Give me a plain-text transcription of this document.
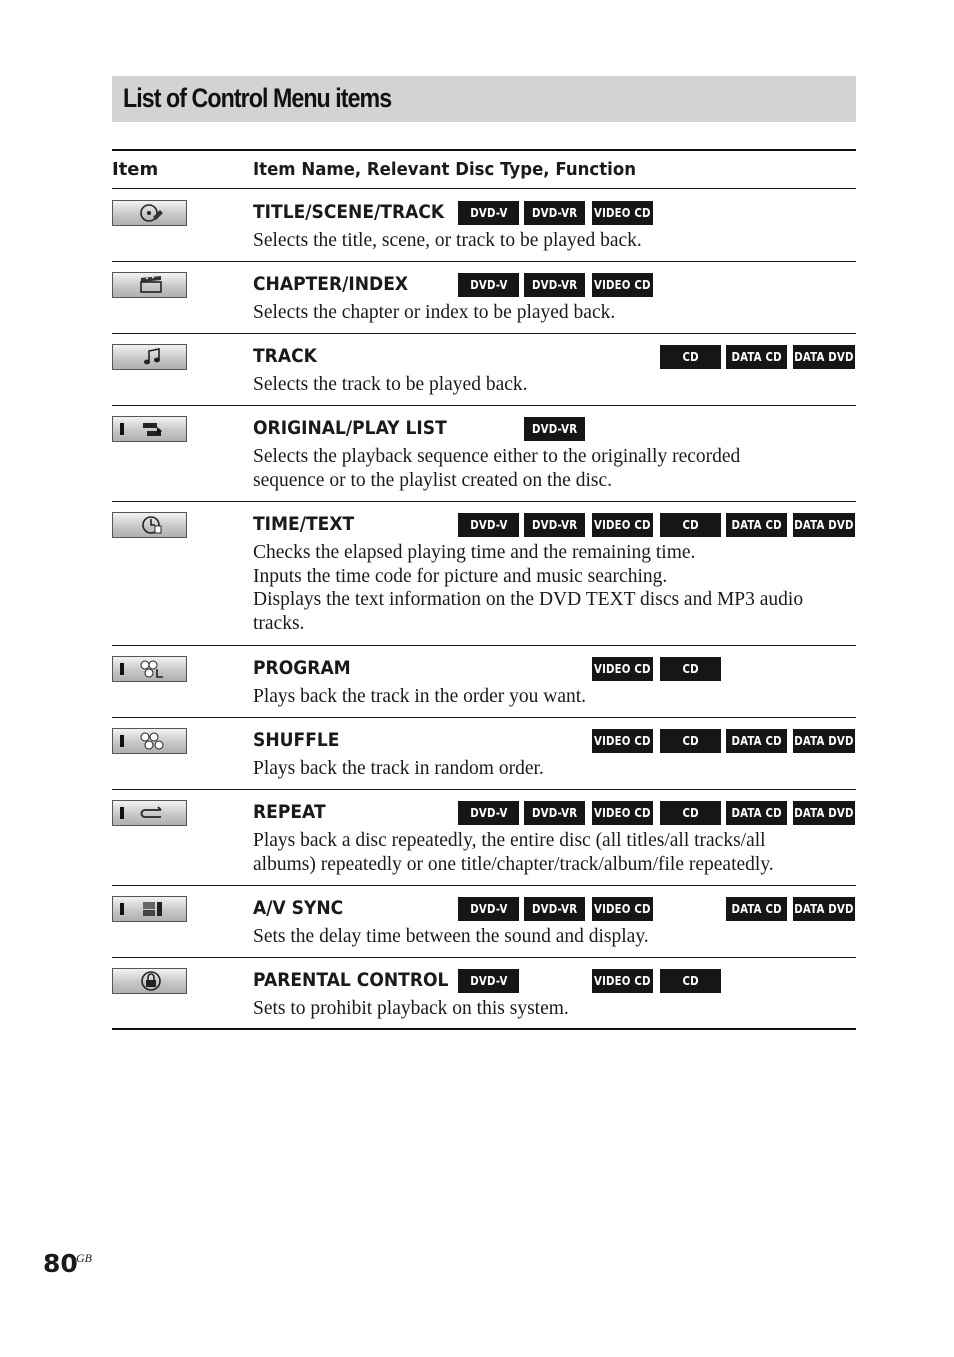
List of Control Menu items
Item	Item Name, Relevant Disc Type, Function
TITLE/SCENE/TRACK DVD-V DVD-VR VIDEO CD
Selects the title, scene, or track to be played back.
CHAPTER/INDEX	DVD-V DVD-VR VIDEO CD
Selects the chapter or index to be played back.
TRACK	CD	DATA CD DATA DVD
Selects the track to be played back.
ORIGINAL/PLAY LIST	DVD-VR
Selects the playback sequence either to the originally recorded
sequence or to the playlist created on the disc.
TIME/TEXT	DVD-V DVD-VR VIDEO CD	CD	DATA CD DATA DVD
Checks the elapsed playing time and the remaining time.
Inputs the time code for picture and music searching.
Displays the text information on the DVD TEXT discs and MP3 audio
tracks.
PROGRAM	VIDEO CD	CD
Plays back the track in the order you want.
SHUFFLE	VIDEO CD	CD	DATA CD DATA DVD
Plays back the track in random order.
REPEAT	DVD-V DVD-VR VIDEO CD	CD	DATA CD DATA DVD
Plays back a disc repeatedly, the entire disc (all titles/all tracks/all
albums) repeatedly or one title/chapter/track/album/file repeatedly.
A/V SYNC	DVD-V DVD-VR VIDEO CD	DATA CD DATA DVD
Sets the delay time between the sound and display.
PARENTAL CONTROL DVD-V	VIDEO CD	CD
Sets to prohibit playback on this system.
80
GB
